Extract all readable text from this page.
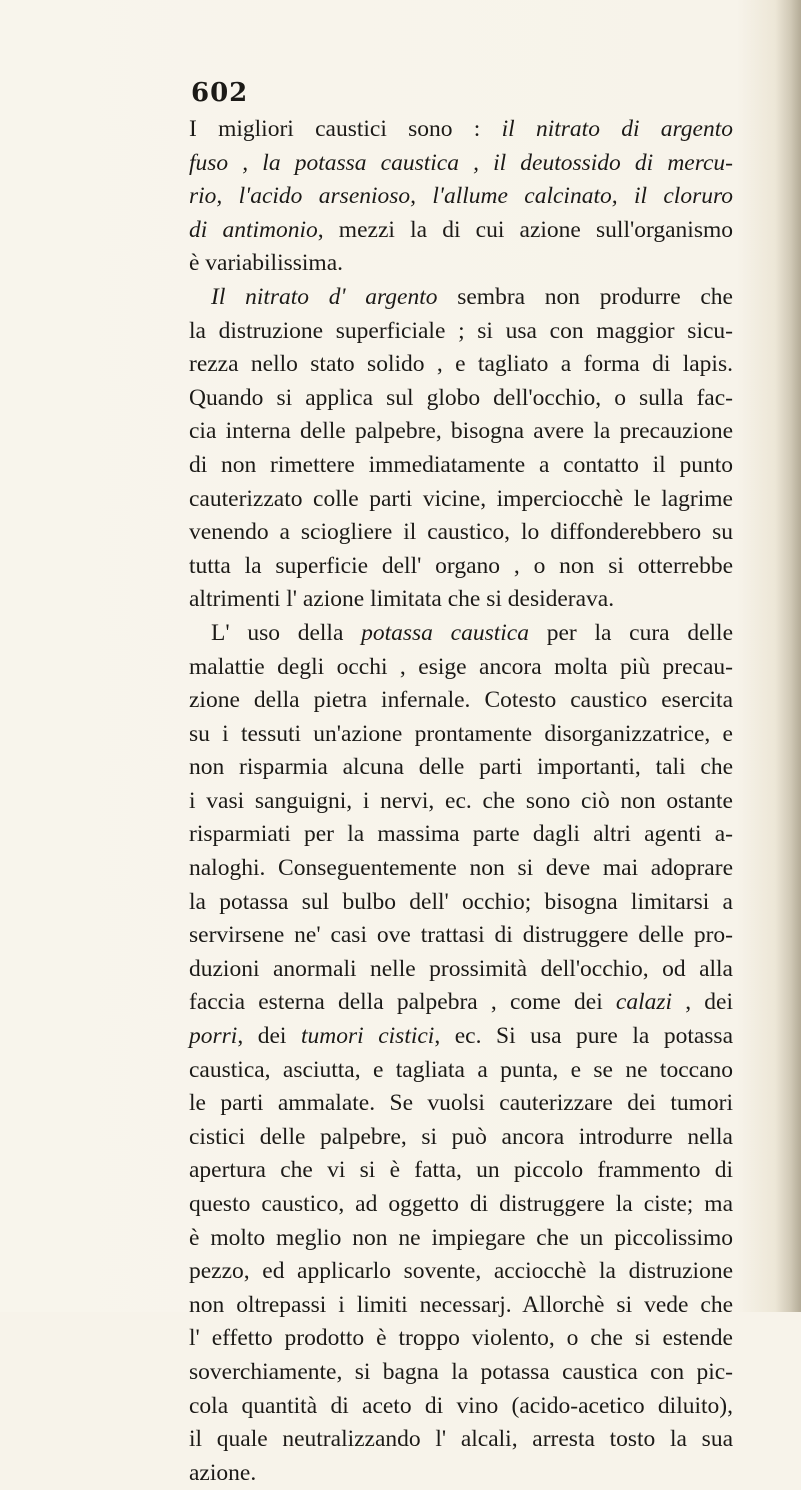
602
I migliori caustici sono : il nitrato di argento
fuso , la potassa caustica , il deutossido di mercu-
rio, l'acido arsenioso, l'allume calcinato, il cloruro
di antimonio, mezzi la di cui azione sull'organismo
è variabilissima.
Il nitrato d' argento sembra non produrre che
la distruzione superficiale ; si usa con maggior sicu-
rezza nello stato solido , e tagliato a forma di lapis.
Quando si applica sul globo dell'occhio, o sulla fac-
cia interna delle palpebre, bisogna avere la precauzione
di non rimettere immediatamente a contatto il punto
cauterizzato colle parti vicine, imperciocchè le lagrime
venendo a sciogliere il caustico, lo diffonderebbero su
tutta la superficie dell' organo , o non si otterrebbe
altrimenti l' azione limitata che si desiderava.
L' uso della potassa caustica per la cura delle
malattie degli occhi , esige ancora molta più precau-
zione della pietra infernale. Cotesto caustico esercita
su i tessuti un'azione prontamente disorganizzatrice, e
non risparmia alcuna delle parti importanti, tali che
i vasi sanguigni, i nervi, ec. che sono ciò non ostante
risparmiati per la massima parte dagli altri agenti a-
naloghi. Conseguentemente non si deve mai adoprare
la potassa sul bulbo dell' occhio; bisogna limitarsi a
servirsene ne' casi ove trattasi di distruggere delle pro-
duzioni anormali nelle prossimità dell'occhio, od alla
faccia esterna della palpebra , come dei calazi , dei
porri, dei tumori cistici, ec. Si usa pure la potassa
caustica, asciutta, e tagliata a punta, e se ne toccano
le parti ammalate. Se vuolsi cauterizzare dei tumori
cistici delle palpebre, si può ancora introdurre nella
apertura che vi si è fatta, un piccolo frammento di
questo caustico, ad oggetto di distruggere la ciste; ma
è molto meglio non ne impiegare che un piccolissimo
pezzo, ed applicarlo sovente, acciocchè la distruzione
non oltrepassi i limiti necessarj. Allorchè si vede che
l' effetto prodotto è troppo violento, o che si estende
soverchiamente, si bagna la potassa caustica con pic-
cola quantità di aceto di vino (acido-acetico diluito),
il quale neutralizzando l' alcali, arresta tosto la sua
azione.
